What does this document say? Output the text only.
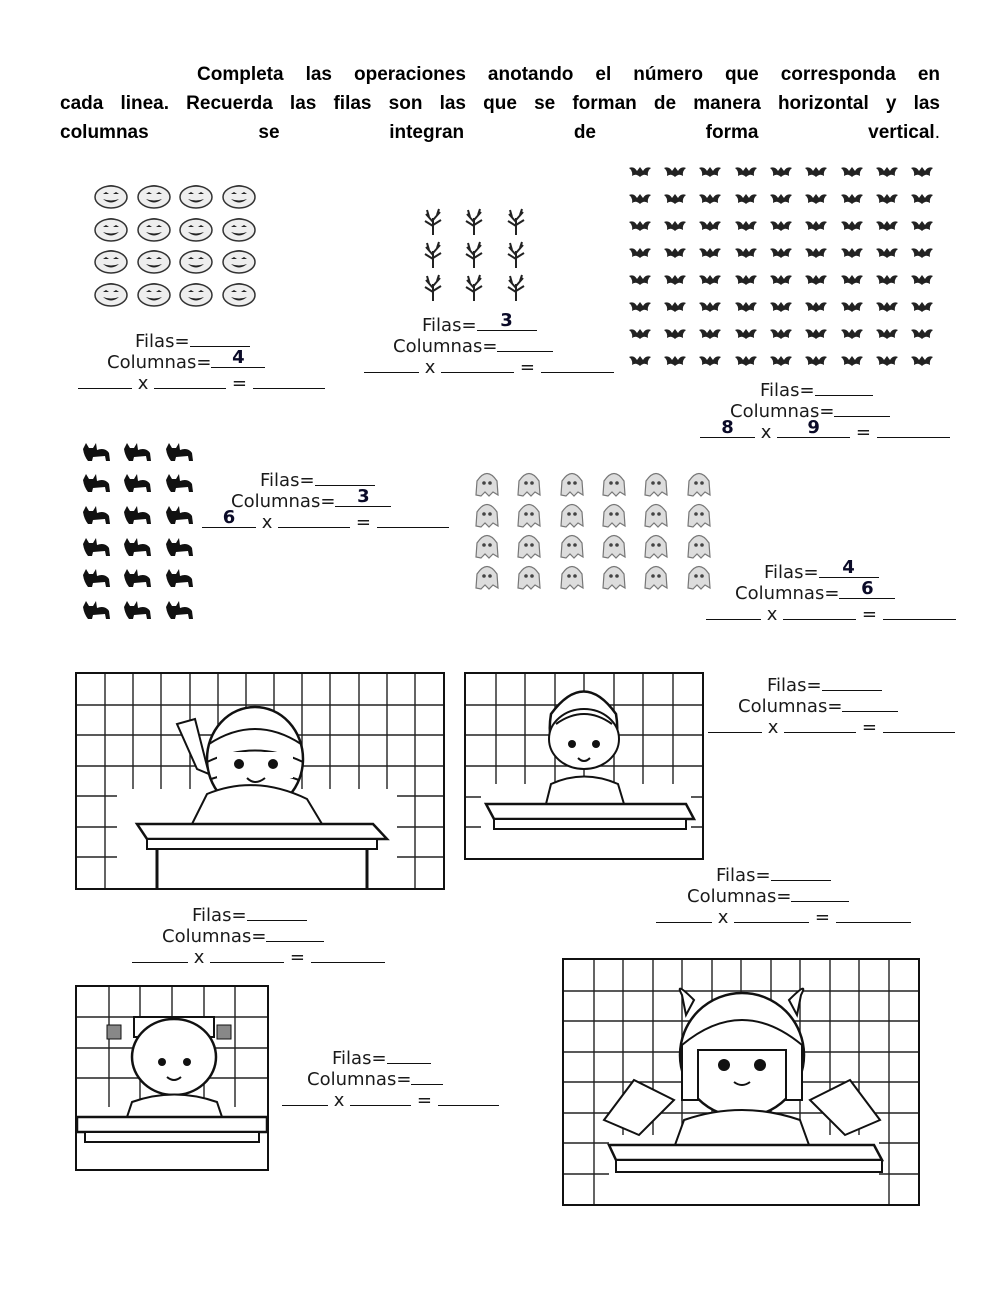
Completa las operaciones anotando el número que corresponda en

cada linea. Recuerda las filas son las que se forman de manera horizontal y las
columnas	se	integran	de	forma	vertical.
Filas=
Columnas=	4
x	=
Filas=	3
Columnas=
x	=
Filas=
Columnas=
8	x	9	=
Filas=
Columnas=	3
6	x	=
Filas=	4
Columnas=	6
x	=
Filas=
Columnas=
x	=
Filas=
Columnas=
x	=
Filas=
Columnas=
x	=
Filas=
Columnas=
x	=
